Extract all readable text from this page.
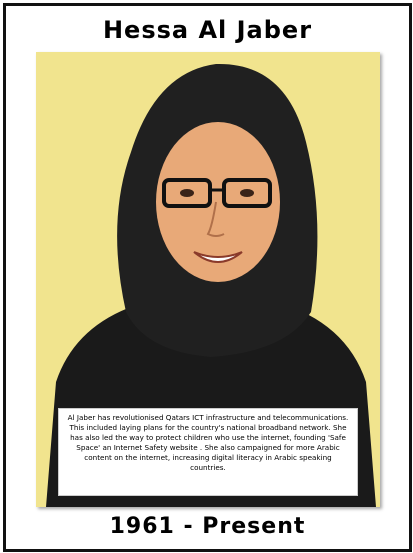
Hessa Al Jaber
Al Jaber has revolutionised Qatars ICT infrastructure and telecommunications. This included laying plans for the country's national broadband network. She has also led the way to protect children who use the internet, founding 'Safe Space' an Internet Safety website . She also campaigned for more Arabic content on the internet, increasing digital literacy in Arabic speaking countries.
1961 - Present
